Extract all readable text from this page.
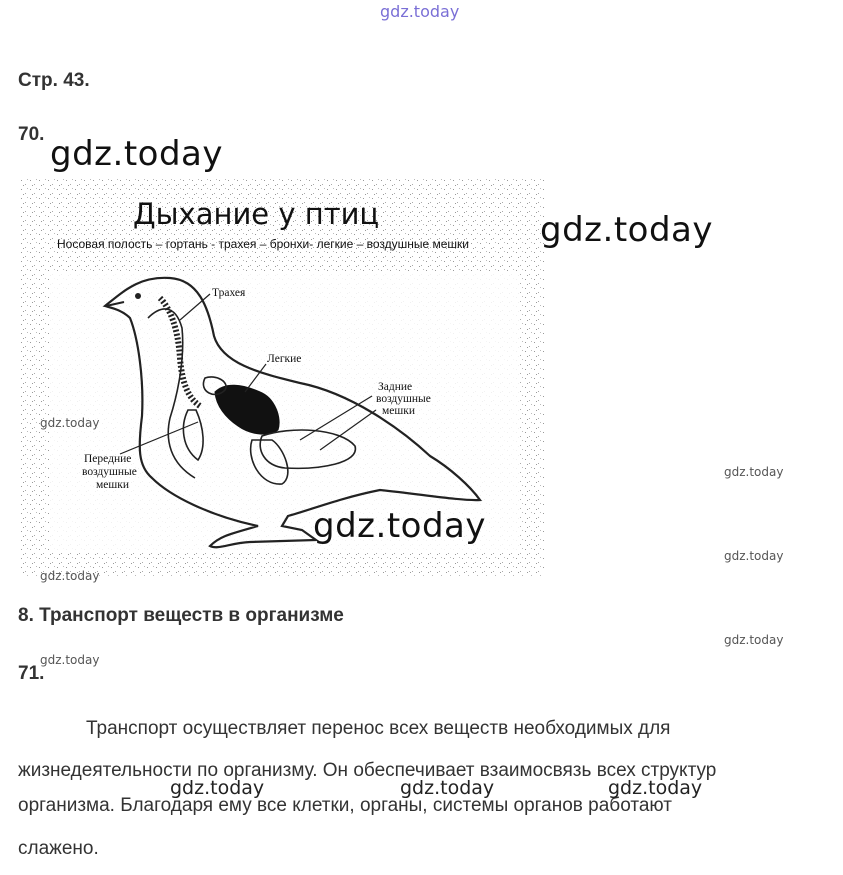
gdz.today
Стр. 43.
70. gdz.today
Дыхание у птиц
Носовая полость – гортань - трахея – бронхи- легкие – воздушные мешки
Трахея
Легкие
Задние
воздушные
мешки
Передние
воздушные
мешки
gdz.today
gdz.today
gdz.today
gdz.today
gdz.today
gdz.today
8. Транспорт веществ в организме
gdz.today
gdz.today
71.
Транспорт осуществляет перенос всех веществ необходимых для
жизнедеятельности по организму. Он обеспечивает взаимосвязь всех структур
организма. Благодаря ему все клетки, органы, системы органов работают
слажено.
gdz.today	gdz.today	gdz.today
